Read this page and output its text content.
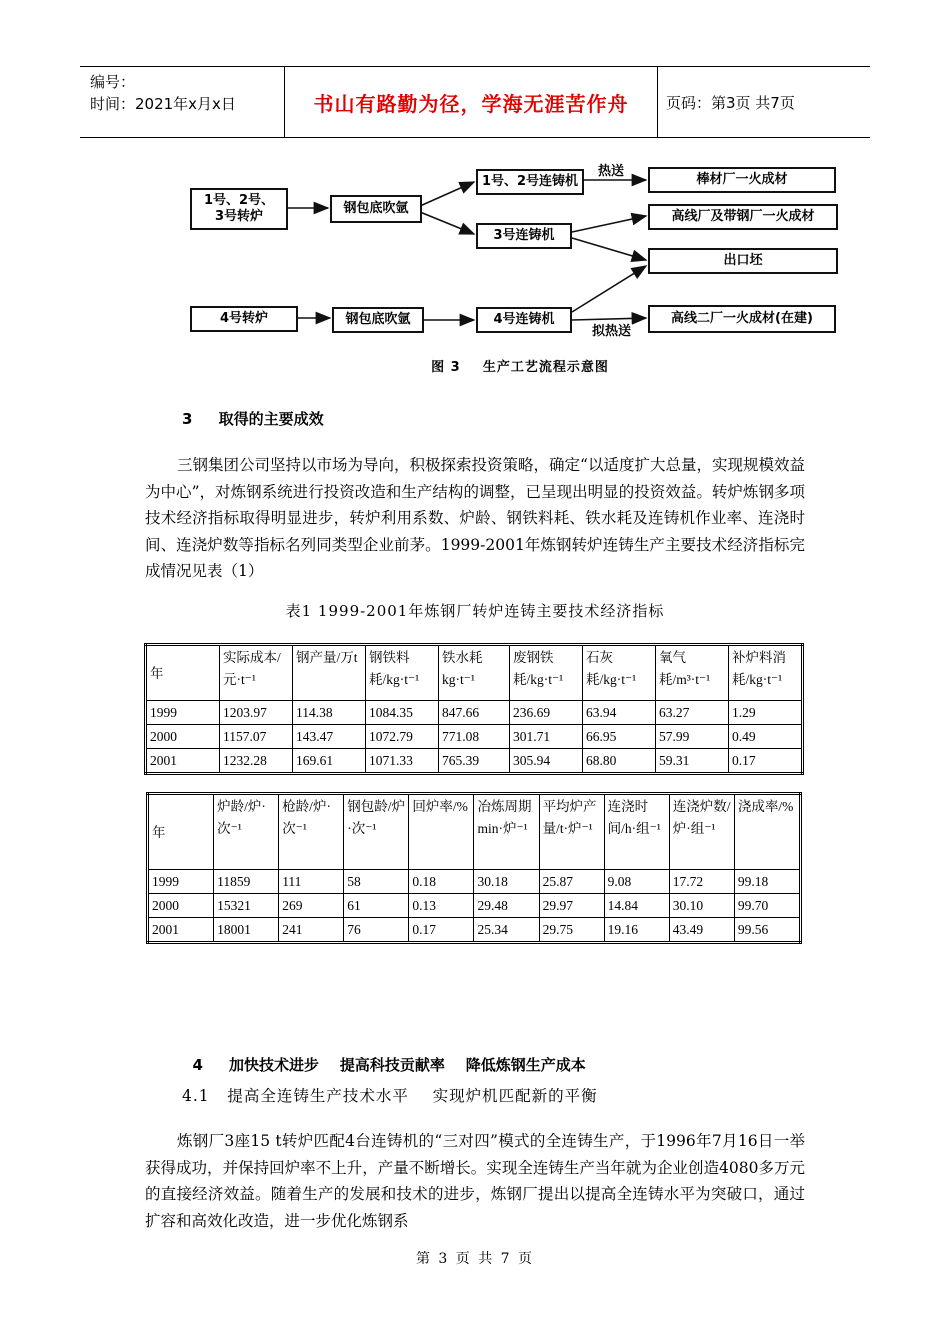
编号：
时间：2021年x月x日	书山有路勤为径，学海无涯苦作舟	页码：第3页 共7页
1号、2号、
3号转炉
钢包底吹氩
1号、2号连铸机
3号连铸机
棒材厂一火成材
高线厂及带钢厂一火成材
出口坯
4号转炉	钢包底吹氩	4号连铸机	高线二厂一火成材(在建)
热送
拟热送
图 3 生产工艺流程示意图
3 取得的主要成效
三钢集团公司坚持以市场为导向，积极探索投资策略，确定“以适度扩大总量，实现规模效益为中心”，对炼钢系统进行投资改造和生产结构的调整，已呈现出明显的投资效益。转炉炼钢多项技术经济指标取得明显进步，转炉利用系数、炉龄、钢铁料耗、铁水耗及连铸机作业率、连浇时间、连浇炉数等指标名列同类型企业前茅。1999-2001年炼钢转炉连铸生产主要技术经济指标完成情况见表（1）
表1 1999-2001年炼钢厂转炉连铸主要技术经济指标
年	实际成本/元·t⁻¹	钢产量/万t	钢铁料耗/kg·t⁻¹	铁水耗kg·t⁻¹	废钢铁耗/kg·t⁻¹	石灰耗/kg·t⁻¹	氧气耗/m³·t⁻¹	补炉料消耗/kg·t⁻¹
1999	1203.97	114.38	1084.35	847.66	236.69	63.94	63.27	1.29
2000	1157.07	143.47	1072.79	771.08	301.71	66.95	57.99	0.49
2001	1232.28	169.61	1071.33	765.39	305.94	68.80	59.31	0.17
年	炉龄/炉·次⁻¹	枪龄/炉·次⁻¹	钢包龄/炉·次⁻¹	回炉率/%	冶炼周期 min·炉⁻¹	平均炉产量/t·炉⁻¹	连浇时间/h·组⁻¹	连浇炉数/炉·组⁻¹	浇成率/%
1999	11859	111	58	0.18	30.18	25.87	9.08	17.72	99.18
2000	15321	269	61	0.13	29.48	29.97	14.84	30.10	99.70
2001	18001	241	76	0.17	25.34	29.75	19.16	43.49	99.56

4 加快技术进步    提高科技贡献率    降低炼钢生产成本

4.1   提高全连铸生产技术水平    实现炉机匹配新的平衡
炼钢厂3座15 t转炉匹配4台连铸机的“三对四”模式的全连铸生产，于1996年7月16日一举获得成功，并保持回炉率不上升，产量不断增长。实现全连铸生产当年就为企业创造4080多万元的直接经济效益。随着生产的发展和技术的进步，炼钢厂提出以提高全连铸水平为突破口，通过扩容和高效化改造，进一步优化炼钢系
第 3 页 共 7 页
